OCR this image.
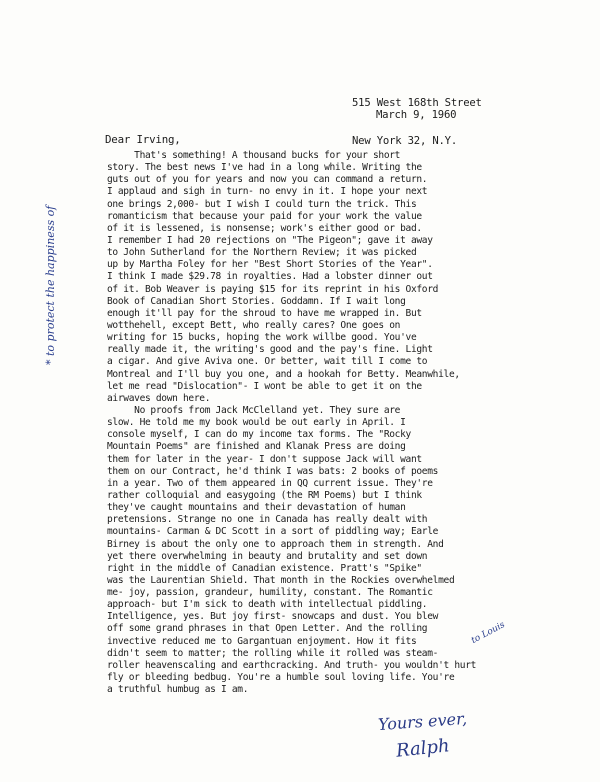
515 West 168th Street

New York 32, N.Y.

March 9, 1960
Dear Irving,
That's something! A thousand bucks for your short
story. The best news I've had in a long while. Writing the
guts out of you for years and now you can command a return.
I applaud and sigh in turn- no envy in it. I hope your next
one brings 2,000- but I wish I could turn the trick. This
romanticism that because your paid for your work the value
of it is lessened, is nonsense; work's either good or bad.
I remember I had 20 rejections on "The Pigeon"; gave it away
to John Sutherland for the Northern Review; it was picked
up by Martha Foley for her "Best Short Stories of the Year".
I think I made $29.78 in royalties. Had a lobster dinner out
of it. Bob Weaver is paying $15 for its reprint in his Oxford
Book of Canadian Short Stories. Goddamn. If I wait long
enough it'll pay for the shroud to have me wrapped in. But
wotthehell, except Bett, who really cares? One goes on
writing for 15 bucks, hoping the work willbe good. You've
really made it, the writing's good and the pay's fine. Light
a cigar. And give Aviva one. Or better, wait till I come to
Montreal and I'll buy you one, and a hookah for Betty. Meanwhile,
let me read "Dislocation"- I wont be able to get it on the
airwaves down here.
No proofs from Jack McClelland yet. They sure are
slow. He told me my book would be out early in April. I
console myself, I can do my income tax forms. The "Rocky
Mountain Poems" are finished and Klanak Press are doing
them for later in the year- I don't suppose Jack will want
them on our Contract, he'd think I was bats: 2 books of poems
in a year. Two of them appeared in QQ current issue. They're
rather colloquial and easygoing (the RM Poems) but I think
they've caught mountains and their devastation of human
pretensions. Strange no one in Canada has really dealt with
mountains- Carman & DC Scott in a sort of piddling way; Earle
Birney is about the only one to approach them in strength. And
yet there overwhelming in beauty and brutality and set down
right in the middle of Canadian existence. Pratt's "Spike"
was the Laurentian Shield. That month in the Rockies overwhelmed
me- joy, passion, grandeur, humility, constant. The Romantic
approach- but I'm sick to death with intellectual piddling.
Intelligence, yes. But joy first- snowcaps and dust. You blew
off some grand phrases in that Open Letter. And the rolling
invective reduced me to Gargantuan enjoyment. How it fits
didn't seem to matter; the rolling while it rolled was steam-
roller heavenscaling and earthcracking. And truth- you wouldn't hurt
fly or bleeding bedbug. You're a humble soul loving life. You're
a truthful humbug as I am.
* to protect the happiness of
to Louis
Yours ever,
Ralph
